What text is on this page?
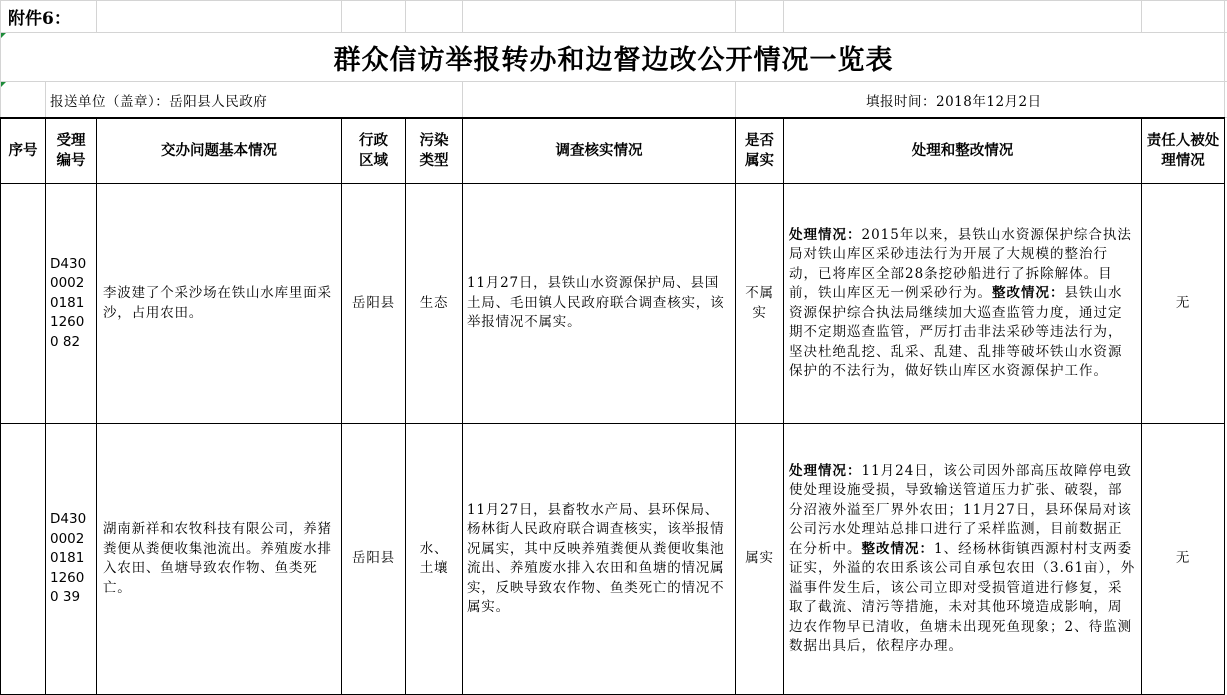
附件6：
群众信访举报转办和边督边改公开情况一览表
报送单位（盖章）：岳阳县人民政府	填报时间：2018年12月2日
序号
受理编号
交办问题基本情况
行政区域
污染类型
调查核实情况
是否属实
处理和整改情况
责任人被处理情况
D4300002018112600 82
李波建了个采沙场在铁山水库里面采沙，占用农田。
岳阳县	生态
11月27日，县铁山水资源保护局、县国土局、毛田镇人民政府联合调查核实，该举报情况不属实。
不属实
处理情况：2015年以来，县铁山水资源保护综合执法局对铁山库区采砂违法行为开展了大规模的整治行动，已将库区全部28条挖砂船进行了拆除解体。目前，铁山库区无一例采砂行为。整改情况：县铁山水资源保护综合执法局继续加大巡查监管力度，通过定期不定期巡查监管，严厉打击非法采砂等违法行为，坚决杜绝乱挖、乱采、乱建、乱排等破坏铁山水资源保护的不法行为，做好铁山库区水资源保护工作。
无
D4300002018112600 39
湖南新祥和农牧科技有限公司，养猪粪便从粪便收集池流出。养殖废水排入农田、鱼塘导致农作物、鱼类死亡。
岳阳县
水、土壤
11月27日，县畜牧水产局、县环保局、杨林街人民政府联合调查核实，该举报情况属实，其中反映养殖粪便从粪便收集池流出、养殖废水排入农田和鱼塘的情况属实，反映导致农作物、鱼类死亡的情况不属实。
属实
处理情况：11月24日，该公司因外部高压故障停电致使处理设施受损，导致输送管道压力扩张、破裂，部分沼液外溢至厂界外农田；11月27日，县环保局对该公司污水处理站总排口进行了采样监测，目前数据正在分析中。整改情况：1、经杨林街镇西源村村支两委证实，外溢的农田系该公司自承包农田（3.61亩），外溢事件发生后，该公司立即对受损管道进行修复，采取了截流、清污等措施，未对其他环境造成影响，周边农作物早已清收，鱼塘未出现死鱼现象；2、待监测数据出具后，依程序办理。
无
